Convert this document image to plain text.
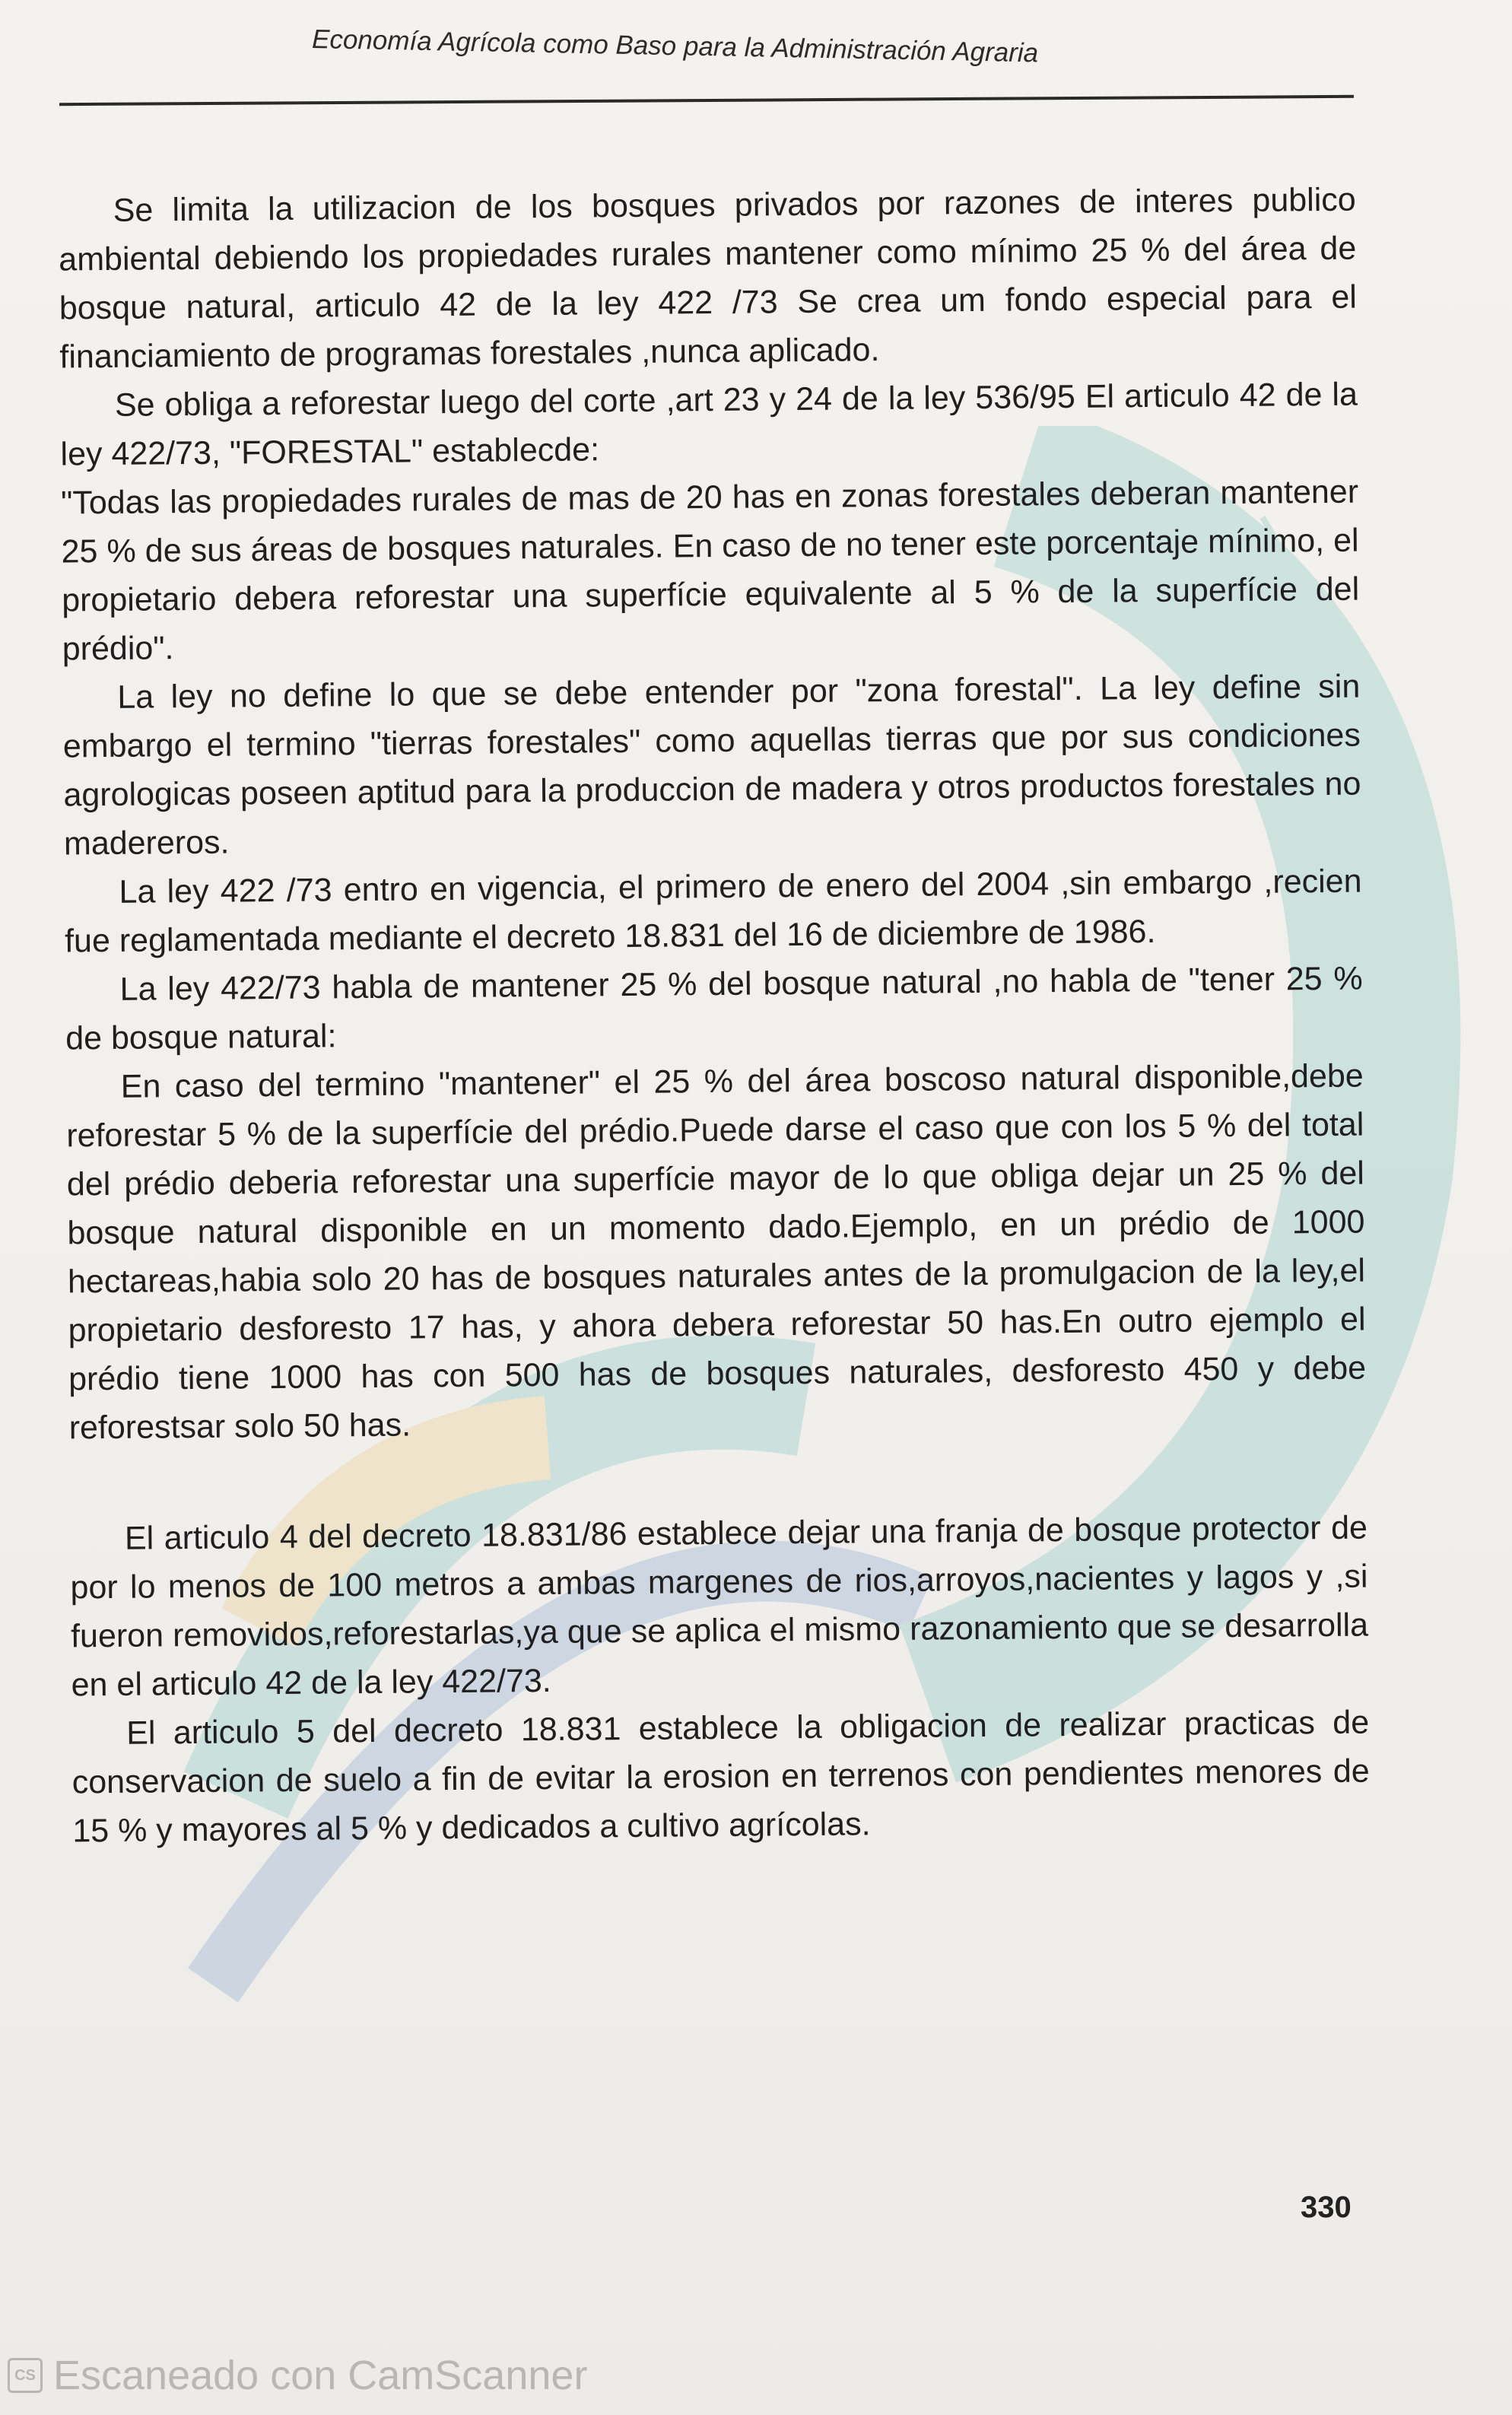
Economía Agrícola como Baso para la Administración Agraria

Se limita la utilizacion de los bosques privados por razones de interes publico ambiental debiendo los propiedades rurales mantener como mínimo 25 % del área de bosque natural, articulo 42 de la ley 422 /73 Se crea um fondo especial para el financiamiento de programas forestales ,nunca aplicado.

Se obliga a reforestar luego del corte ,art 23 y 24 de la ley 536/95 El articulo 42 de la ley 422/73, "FORESTAL" establecde:

"Todas las propiedades rurales de mas de 20 has en zonas forestales deberan mantener 25 % de sus áreas de bosques naturales. En caso de no tener este porcentaje mínimo, el propietario debera reforestar una superfície equivalente al 5 % de la superfície del prédio".

La ley no define lo que se debe entender por "zona forestal". La ley define sin embargo el termino "tierras forestales" como aquellas tierras que por sus condiciones agrologicas poseen aptitud para la produccion de madera y otros productos forestales no madereros.

La ley 422 /73 entro en vigencia, el primero de enero del 2004 ,sin embargo ,recien fue reglamentada mediante el decreto 18.831 del 16 de diciembre de 1986.

La ley 422/73 habla de mantener 25 % del bosque natural ,no habla de "tener 25 % de bosque natural:

En caso del termino "mantener" el 25 % del área boscoso natural disponible,debe reforestar 5 % de la superfície del prédio.Puede darse el caso que con los 5 % del total del prédio deberia reforestar una superfície mayor de lo que obliga dejar un 25 % del bosque natural disponible en un momento dado.Ejemplo, en un prédio de 1000 hectareas,habia solo 20 has de bosques naturales antes de la promulgacion de la ley,el propietario desforesto 17 has, y ahora debera reforestar 50 has.En outro ejemplo el prédio tiene 1000 has con 500 has de bosques naturales, desforesto 450 y debe reforestsar solo 50 has.

El articulo 4 del decreto 18.831/86 establece dejar una franja de bosque protector de por lo menos de 100 metros a ambas margenes de rios,arroyos,nacientes y lagos y ,si fueron removidos,reforestarlas,ya que se aplica el mismo razonamiento que se desarrolla en el articulo 42 de la ley 422/73.

El articulo 5 del decreto 18.831 establece la obligacion de realizar practicas de conservacion de suelo a fin de evitar la erosion en terrenos con pendientes menores de 15 % y mayores al 5 % y dedicados a cultivo agrícolas.

330
CS Escaneado con CamScanner
